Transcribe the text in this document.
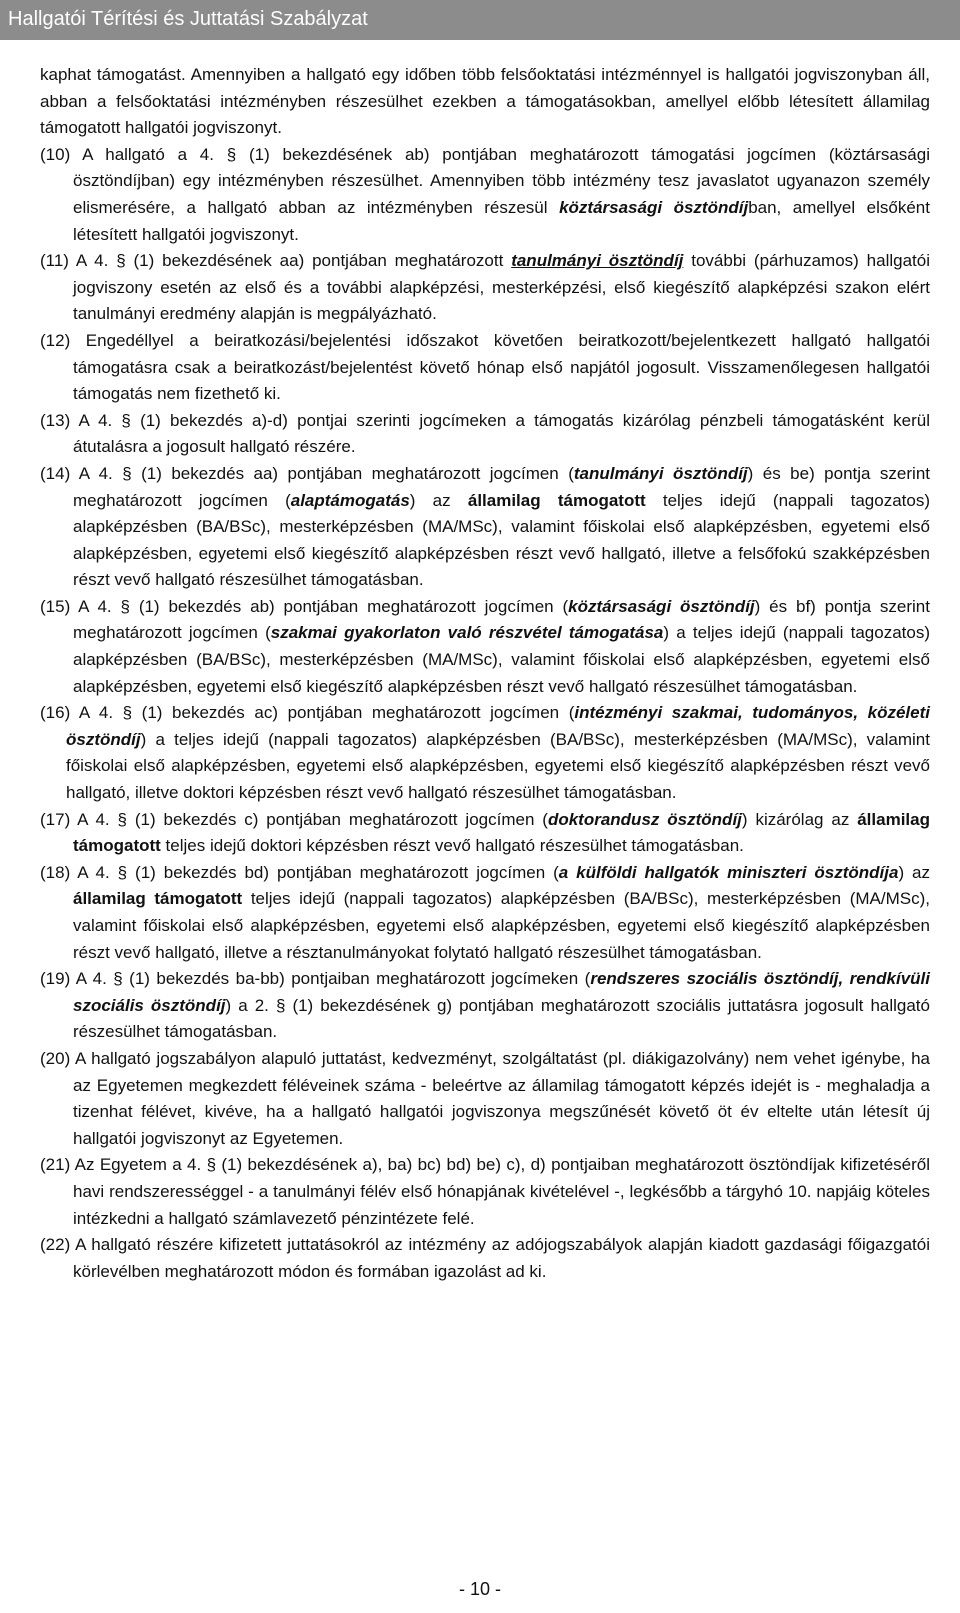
Hallgatói Térítési és Juttatási Szabályzat

kaphat támogatást. Amennyiben a hallgató egy időben több felsőoktatási intézménnyel is hallgatói jogviszonyban áll, abban a felsőoktatási intézményben részesülhet ezekben a támogatásokban, amellyel előbb létesített államilag támogatott hallgatói jogviszonyt.

(10) A hallgató a 4. § (1) bekezdésének ab) pontjában meghatározott támogatási jogcímen (köztársasági ösztöndíjban) egy intézményben részesülhet. Amennyiben több intézmény tesz javaslatot ugyanazon személy elismerésére, a hallgató abban az intézményben részesül köztársasági ösztöndíjban, amellyel elsőként létesített hallgatói jogviszonyt.

(11) A 4. § (1) bekezdésének aa) pontjában meghatározott tanulmányi ösztöndíj további (párhuzamos) hallgatói jogviszony esetén az első és a további alapképzési, mesterképzési, első kiegészítő alapképzési szakon elért tanulmányi eredmény alapján is megpályázható.

(12) Engedéllyel a beiratkozási/bejelentési időszakot követően beiratkozott/bejelentkezett hallgató hallgatói támogatásra csak a beiratkozást/bejelentést követő hónap első napjától jogosult. Visszamenőlegesen hallgatói támogatás nem fizethető ki.

(13) A 4. § (1) bekezdés a)-d) pontjai szerinti jogcímeken a támogatás kizárólag pénzbeli támogatásként kerül átutalásra a jogosult hallgató részére.

(14) A 4. § (1) bekezdés aa) pontjában meghatározott jogcímen (tanulmányi ösztöndíj) és be) pontja szerint meghatározott jogcímen (alaptámogatás) az államilag támogatott teljes idejű (nappali tagozatos) alapképzésben (BA/BSc), mesterképzésben (MA/MSc), valamint főiskolai első alapképzésben, egyetemi első alapképzésben, egyetemi első kiegészítő alapképzésben részt vevő hallgató, illetve a felsőfokú szakképzésben részt vevő hallgató részesülhet támogatásban.

(15) A 4. § (1) bekezdés ab) pontjában meghatározott jogcímen (köztársasági ösztöndíj) és bf) pontja szerint meghatározott jogcímen (szakmai gyakorlaton való részvétel támogatása) a teljes idejű (nappali tagozatos) alapképzésben (BA/BSc), mesterképzésben (MA/MSc), valamint főiskolai első alapképzésben, egyetemi első alapképzésben, egyetemi első kiegészítő alapképzésben részt vevő hallgató részesülhet támogatásban.

(16) A 4. § (1) bekezdés ac) pontjában meghatározott jogcímen (intézményi szakmai, tudományos, közéleti ösztöndíj) a teljes idejű (nappali tagozatos) alapképzésben (BA/BSc), mesterképzésben (MA/MSc), valamint főiskolai első alapképzésben, egyetemi első alapképzésben, egyetemi első kiegészítő alapképzésben részt vevő hallgató, illetve doktori képzésben részt vevő hallgató részesülhet támogatásban.

(17) A 4. § (1) bekezdés c) pontjában meghatározott jogcímen (doktorandusz ösztöndíj) kizárólag az államilag támogatott teljes idejű doktori képzésben részt vevő hallgató részesülhet támogatásban.

(18) A 4. § (1) bekezdés bd) pontjában meghatározott jogcímen (a külföldi hallgatók miniszteri ösztöndíja) az államilag támogatott teljes idejű (nappali tagozatos) alapképzésben (BA/BSc), mesterképzésben (MA/MSc), valamint főiskolai első alapképzésben, egyetemi első alapképzésben, egyetemi első kiegészítő alapképzésben részt vevő hallgató, illetve a résztanulmányokat folytató hallgató részesülhet támogatásban.

(19) A 4. § (1) bekezdés ba-bb) pontjaiban meghatározott jogcímeken (rendszeres szociális ösztöndíj, rendkívüli szociális ösztöndíj) a 2. § (1) bekezdésének g) pontjában meghatározott szociális juttatásra jogosult hallgató részesülhet támogatásban.

(20) A hallgató jogszabályon alapuló juttatást, kedvezményt, szolgáltatást (pl. diákigazolvány) nem vehet igénybe, ha az Egyetemen megkezdett féléveinek száma - beleértve az államilag támogatott képzés idejét is - meghaladja a tizenhat félévet, kivéve, ha a hallgató hallgatói jogviszonya megszűnését követő öt év eltelte után létesít új hallgatói jogviszonyt az Egyetemen.

(21) Az Egyetem a 4. § (1) bekezdésének a), ba) bc) bd) be) c), d) pontjaiban meghatározott ösztöndíjak kifizetéséről havi rendszerességgel - a tanulmányi félév első hónapjának kivételével -, legkésőbb a tárgyhó 10. napjáig köteles intézkedni a hallgató számlavezető pénzintézete felé.

(22) A hallgató részére kifizetett juttatásokról az intézmény az adójogszabályok alapján kiadott gazdasági főigazgatói körlevélben meghatározott módon és formában igazolást ad ki.

- 10 -
